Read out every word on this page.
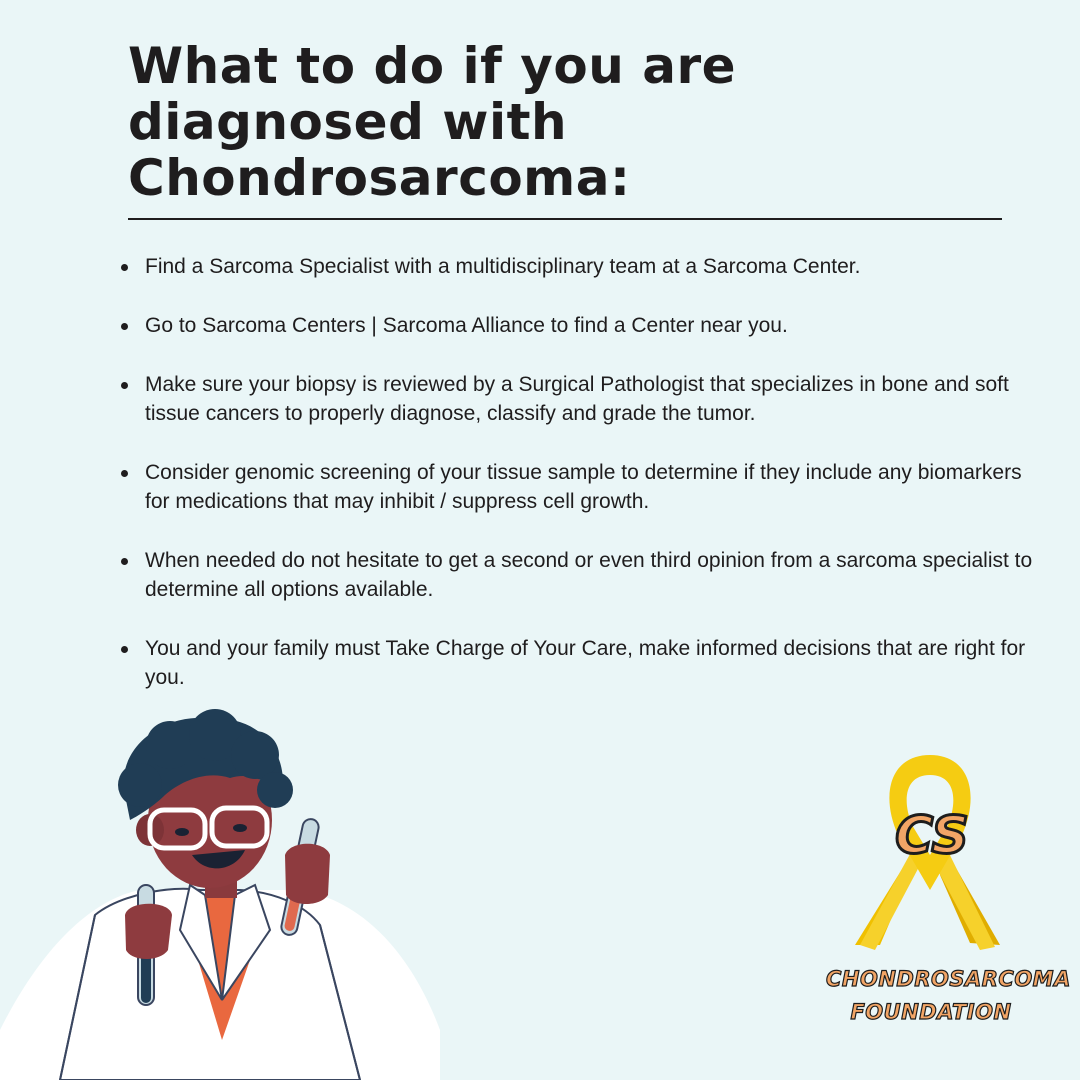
What to do if you are
diagnosed with
Chondrosarcoma:
Find a Sarcoma Specialist with a multidisciplinary team at a Sarcoma Center.
Go to Sarcoma Centers | Sarcoma Alliance to find a Center near you.
Make sure your biopsy is reviewed by a Surgical Pathologist that specializes in bone and soft tissue cancers to properly diagnose, classify and grade the tumor.
Consider genomic screening of your tissue sample to determine if they include any biomarkers for medications that may inhibit / suppress cell growth.
When needed do not hesitate to get a second or even third opinion from a sarcoma specialist to determine all options available.
You and your family must Take Charge of Your Care, make informed decisions that are right for you.
CS
CHONDROSARCOMA
FOUNDATION
